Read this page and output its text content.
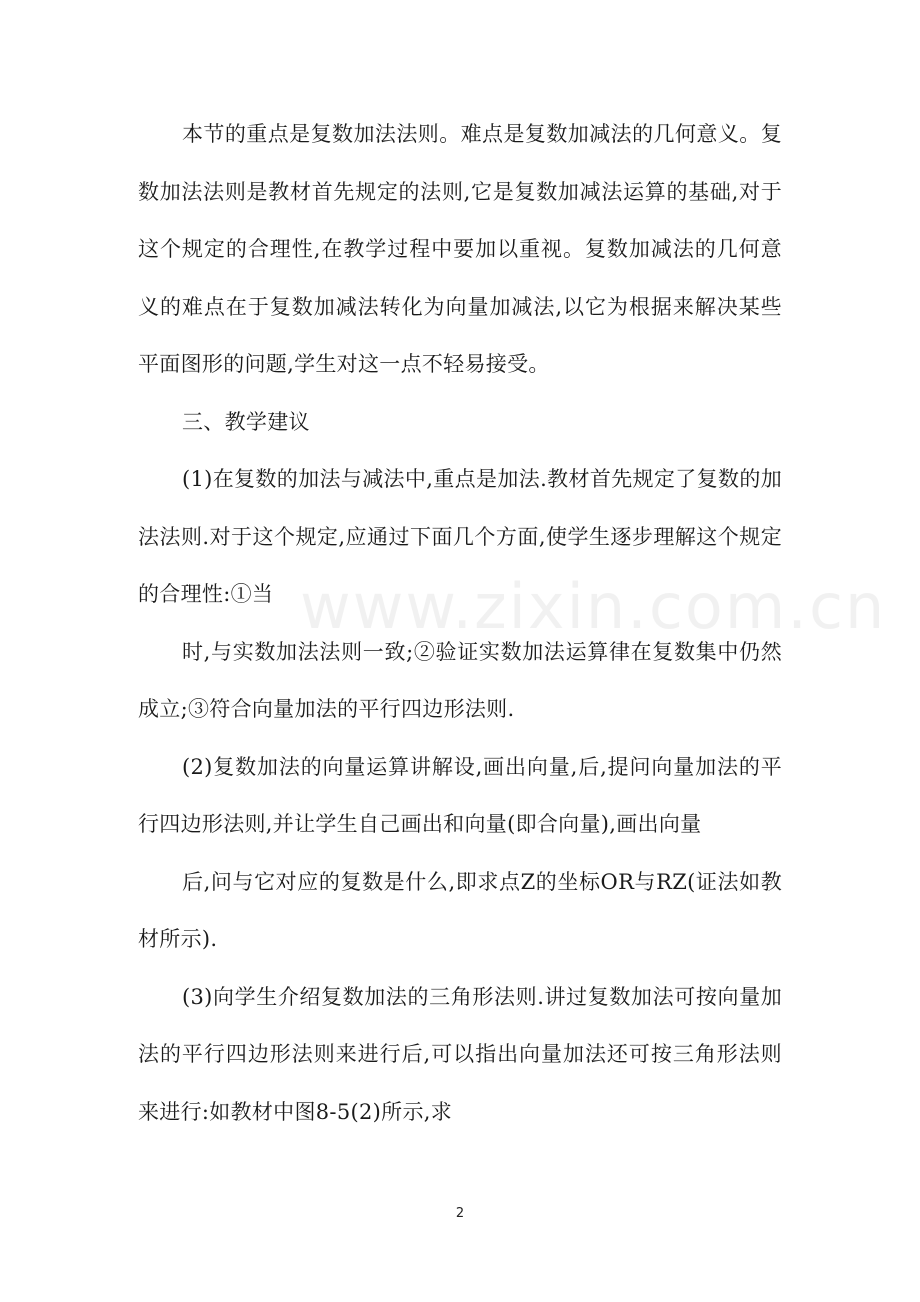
本节的重点是复数加法法则。难点是复数加减法的几何意义。复数加法法则是教材首先规定的法则,它是复数加减法运算的基础,对于这个规定的合理性,在教学过程中要加以重视。复数加减法的几何意义的难点在于复数加减法转化为向量加减法,以它为根据来解决某些平面图形的问题,学生对这一点不轻易接受。

三、教学建议

(1)在复数的加法与减法中,重点是加法.教材首先规定了复数的加法法则.对于这个规定,应通过下面几个方面,使学生逐步理解这个规定的合理性:①当

时,与实数加法法则一致;②验证实数加法运算律在复数集中仍然成立;③符合向量加法的平行四边形法则.

(2)复数加法的向量运算讲解设,画出向量,后,提问向量加法的平行四边形法则,并让学生自己画出和向量(即合向量),画出向量

后,问与它对应的复数是什么,即求点Z的坐标OR与RZ(证法如教材所示).

(3)向学生介绍复数加法的三角形法则.讲过复数加法可按向量加法的平行四边形法则来进行后,可以指出向量加法还可按三角形法则来进行:如教材中图8-5(2)所示,求

www.zixin.com.cn
2
